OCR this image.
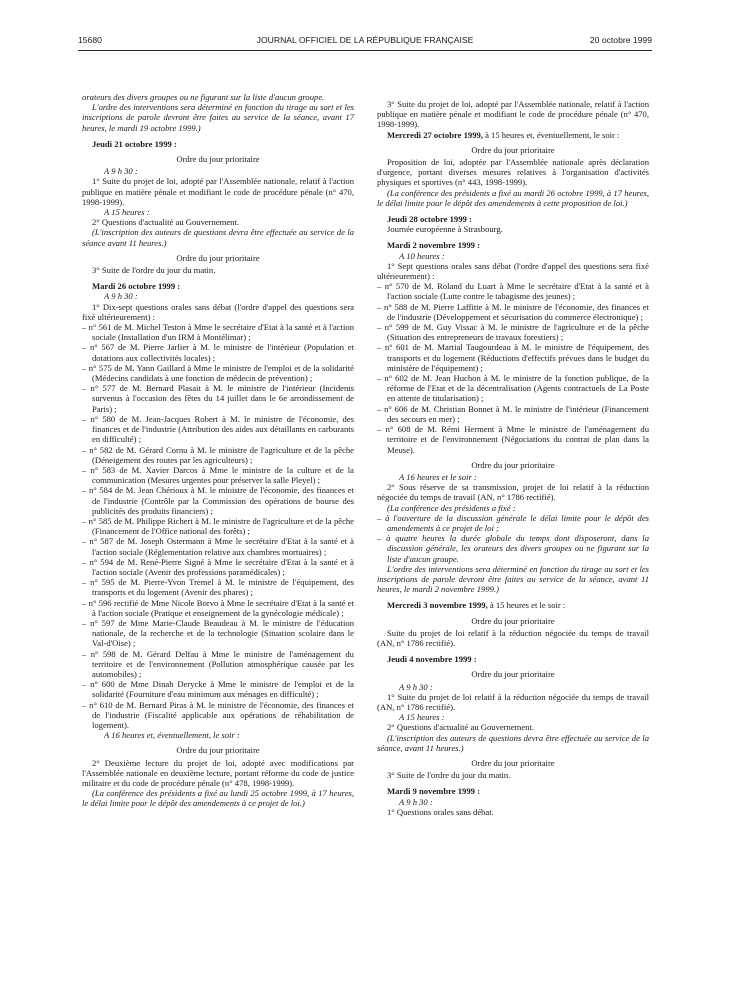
15680	JOURNAL OFFICIEL DE LA RÉPUBLIQUE FRANÇAISE	20 octobre 1999

orateurs des divers groupes ou ne figurant sur la liste d'aucun groupe.

L'ordre des interventions sera déterminé en fonction du tirage au sort et les inscriptions de parole devront être faites au service de la séance, avant 17 heures, le mardi 19 octobre 1999.)

Jeudi 21 octobre 1999 :

Ordre du jour prioritaire

A 9 h 30 :

1° Suite du projet de loi, adopté par l'Assemblée nationale, relatif à l'action publique en matière pénale et modifiant le code de procédure pénale (n° 470, 1998-1999).

A 15 heures :

2° Questions d'actualité au Gouvernement.

(L'inscription des auteurs de questions devra être effectuée au service de la séance avant 11 heures.)

Ordre du jour prioritaire

3° Suite de l'ordre du jour du matin.

Mardi 26 octobre 1999 :

A 9 h 30 :

1° Dix-sept questions orales sans débat (l'ordre d'appel des questions sera fixé ultérieurement) :

– n° 561 de M. Michel Teston à Mme le secrétaire d'Etat à la santé et à l'action sociale (Installation d'un IRM à Montélimar) ;
– n° 567 de M. Pierre Jarlier à M. le ministre de l'intérieur (Population et dotations aux collectivités locales) ;
– n° 575 de M. Yann Gaillard à Mme le ministre de l'emploi et de la solidarité (Médecins candidats à une fonction de médecin de prévention) ;
– n° 577 de M. Bernard Plasait à M. le ministre de l'intérieur (Incidents survenus à l'occasion des fêtes du 14 juillet dans le 6e arrondissement de Paris) ;
– n° 580 de M. Jean-Jacques Robert à M. le ministre de l'économie, des finances et de l'industrie (Attribution des aides aux détaillants en carburants en difficulté) ;
– n° 582 de M. Gérard Cornu à M. le ministre de l'agriculture et de la pêche (Déneigement des routes par les agriculteurs) ;
– n° 583 de M. Xavier Darcos à Mme le ministre de la culture et de la communication (Mesures urgentes pour préserver la salle Pleyel) ;
– n° 584 de M. Jean Chérioux à M. le ministre de l'économie, des finances et de l'industrie (Contrôle par la Commission des opérations de bourse des publicités des produits financiers) ;
– n° 585 de M. Philippe Richert à M. le ministre de l'agriculture et de la pêche (Financement de l'Office national des forêts) ;
– n° 587 de M. Joseph Ostermann à Mme le secrétaire d'Etat à la santé et à l'action sociale (Réglementation relative aux chambres mortuaires) ;
– n° 594 de M. René-Pierre Signé à Mme le secrétaire d'Etat à la santé et à l'action sociale (Avenir des professions paramédicales) ;
– n° 595 de M. Pierre-Yvon Tremel à M. le ministre de l'équipement, des transports et du logement (Avenir des phares) ;
– n° 596 rectifié de Mme Nicole Borvo à Mme le secrétaire d'Etat à la santé et à l'action sociale (Pratique et enseignement de la gynécologie médicale) ;
– n° 597 de Mme Marie-Claude Beaudeau à M. le ministre de l'éducation nationale, de la recherche et de la technologie (Situation scolaire dans le Val-d'Oise) ;
– n° 598 de M. Gérard Delfau à Mme le ministre de l'aménagement du territoire et de l'environnement (Pollution atmosphérique causée par les automobiles) ;
– n° 600 de Mme Dinah Derycke à Mme le ministre de l'emploi et de la solidarité (Fourniture d'eau minimum aux ménages en difficulté) ;
– n° 610 de M. Bernard Piras à M. le ministre de l'économie, des finances et de l'industrie (Fiscalité applicable aux opérations de réhabilitation de logement).

A 16 heures et, éventuellement, le soir :

Ordre du jour prioritaire

2° Deuxième lecture du projet de loi, adopté avec modifications par l'Assemblée nationale en deuxième lecture, portant réforme du code de justice militaire et du code de procédure pénale (n° 478, 1998-1999).

(La conférence des présidents a fixé au lundi 25 octobre 1999, à 17 heures, le délai limite pour le dépôt des amendements à ce projet de loi.)

3° Suite du projet de loi, adopté par l'Assemblée nationale, relatif à l'action publique en matière pénale et modifiant le code de procédure pénale (n° 470, 1998-1999).

Mercredi 27 octobre 1999, à 15 heures et, éventuellement, le soir :

Ordre du jour prioritaire

Proposition de loi, adoptée par l'Assemblée nationale après déclaration d'urgence, portant diverses mesures relatives à l'organisation d'activités physiques et sportives (n° 443, 1998-1999).

(La conférence des présidents a fixé au mardi 26 octobre 1999, à 17 heures, le délai limite pour le dépôt des amendements à cette proposition de loi.)

Jeudi 28 octobre 1999 :

Journée européenne à Strasbourg.

Mardi 2 novembre 1999 :

A 10 heures :

1° Sept questions orales sans débat (l'ordre d'appel des questions sera fixé ultérieurement) :

– n° 570 de M. Roland du Luart à Mme le secrétaire d'Etat à la santé et à l'action sociale (Lutte contre le tabagisme des jeunes) ;
– n° 588 de M. Pierre Laffitte à M. le ministre de l'économie, des finances et de l'industrie (Développement et sécurisation du commerce électronique) ;
– n° 599 de M. Guy Vissac à M. le ministre de l'agriculture et de la pêche (Situation des entrepreneurs de travaux forestiers) ;
– n° 601 de M. Martial Taugourdeau à M. le ministre de l'équipement, des transports et du logement (Réductions d'effectifs prévues dans le budget du ministère de l'équipement) ;
– n° 602 de M. Jean Huchon à M. le ministre de la fonction publique, de la réforme de l'Etat et de la décentralisation (Agents contractuels de La Poste en attente de titularisation) ;
– n° 606 de M. Christian Bonnet à M. le ministre de l'intérieur (Financement des secours en mer) ;
– n° 608 de M. Rémi Herment à Mme le ministre de l'aménagement du territoire et de l'environnement (Négociations du contrat de plan dans la Meuse).

Ordre du jour prioritaire

A 16 heures et le soir :

2° Sous réserve de sa transmission, projet de loi relatif à la réduction négociée du temps de travail (AN, n° 1786 rectifié).

(La conférence des présidents a fixé :

– à l'ouverture de la discussion générale le délai limite pour le dépôt des amendements à ce projet de loi ;
– à quatre heures la durée globale du temps dont disposeront, dans la discussion générale, les orateurs des divers groupes ou ne figurant sur la liste d'aucun groupe.

L'ordre des interventions sera déterminé en fonction du tirage au sort et les inscriptions de parole devront être faites au service de la séance, avant 11 heures, le mardi 2 novembre 1999.)

Mercredi 3 novembre 1999, à 15 heures et le soir :

Ordre du jour prioritaire

Suite du projet de loi relatif à la réduction négociée du temps de travail (AN, n° 1786 rectifié).

Jeudi 4 novembre 1999 :

Ordre du jour prioritaire

A 9 h 30 :

1° Suite du projet de loi relatif à la réduction négociée du temps de travail (AN, n° 1786 rectifié).

A 15 heures :

2° Questions d'actualité au Gouvernement.

(L'inscription des auteurs de questions devra être effectuée au service de la séance, avant 11 heures.)

Ordre du jour prioritaire

3° Suite de l'ordre du jour du matin.

Mardi 9 novembre 1999 :

A 9 h 30 :

1° Questions orales sans débat.
